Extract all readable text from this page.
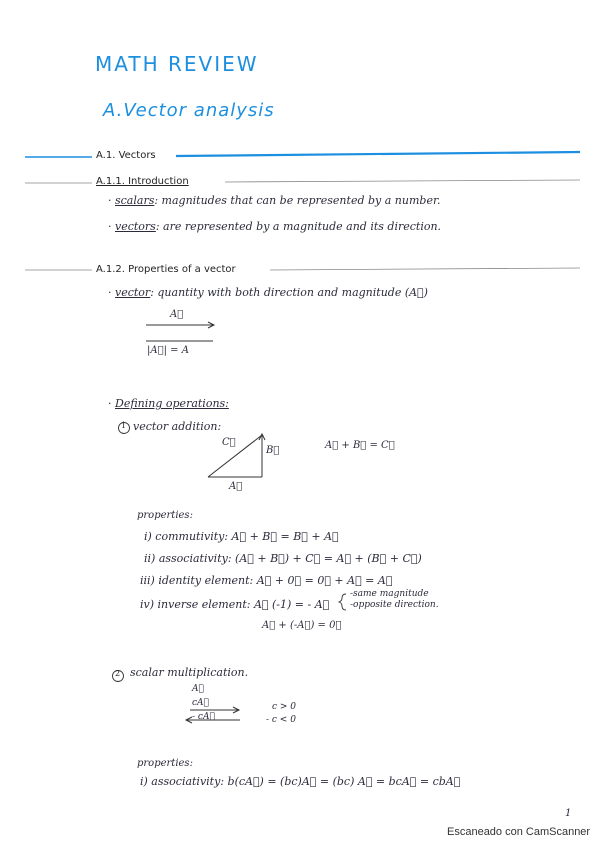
MATH REVIEW
A.Vector analysis
A.1. Vectors
A.1.1. Introduction
· scalars: magnitudes that can be represented by a number.
· vectors: are represented by a magnitude and its direction.
A.1.2. Properties of a vector
· vector: quantity with both direction and magnitude (A⃗)
A⃗
|A⃗| = A
· Defining operations:
1 vector addition:
C⃗
B⃗
A⃗
A⃗ + B⃗ = C⃗
properties:
i) commutivity: A⃗ + B⃗ = B⃗ + A⃗
ii) associativity: (A⃗ + B⃗) + C⃗ = A⃗ + (B⃗ + C⃗)
iii) identity element: A⃗ + 0⃗ = 0⃗ + A⃗ = A⃗
iv) inverse element: A⃗ (-1) = - A⃗
-same magnitude
-opposite direction.
A⃗ + (-A⃗) = 0⃗
2 scalar multiplication.
A⃗
cA⃗
- cA⃗
c > 0
- c < 0
properties:
i) associativity: b(cA⃗) = (bc)A⃗ = (bc) A⃗ = bcA⃗ = cbA⃗
1
Escaneado con CamScanner
